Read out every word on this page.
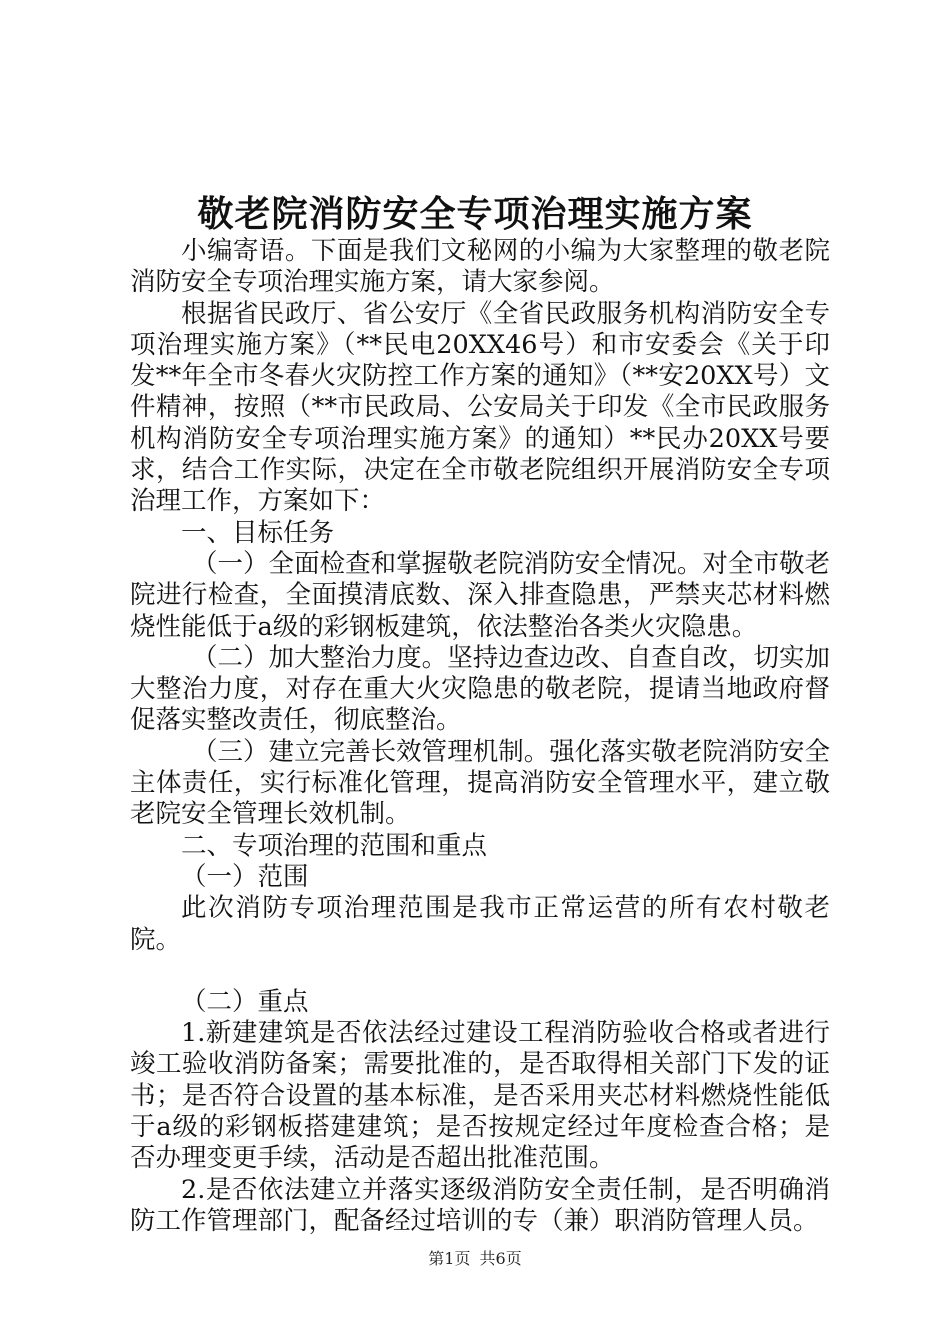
敬老院消防安全专项治理实施方案

小编寄语。下面是我们文秘网的小编为大家整理的敬老院消防安全专项治理实施方案，请大家参阅。

根据省民政厅、省公安厅《全省民政服务机构消防安全专项治理实施方案》（**民电20XX46号）和市安委会《关于印发**年全市冬春火灾防控工作方案的通知》（**安20XX号）文件精神，按照（**市民政局、公安局关于印发《全市民政服务机构消防安全专项治理实施方案》的通知）**民办20XX号要求，结合工作实际，决定在全市敬老院组织开展消防安全专项治理工作，方案如下：

一、目标任务

（一）全面检查和掌握敬老院消防安全情况。对全市敬老院进行检查，全面摸清底数、深入排查隐患，严禁夹芯材料燃烧性能低于a级的彩钢板建筑，依法整治各类火灾隐患。

（二）加大整治力度。坚持边查边改、自查自改，切实加大整治力度，对存在重大火灾隐患的敬老院，提请当地政府督促落实整改责任，彻底整治。

（三）建立完善长效管理机制。强化落实敬老院消防安全主体责任，实行标准化管理，提高消防安全管理水平，建立敬老院安全管理长效机制。

二、专项治理的范围和重点

（一）范围

此次消防专项治理范围是我市正常运营的所有农村敬老院。

（二）重点

1.新建建筑是否依法经过建设工程消防验收合格或者进行竣工验收消防备案；需要批准的，是否取得相关部门下发的证书；是否符合设置的基本标准，是否采用夹芯材料燃烧性能低于a级的彩钢板搭建建筑；是否按规定经过年度检查合格；是否办理变更手续，活动是否超出批准范围。

2.是否依法建立并落实逐级消防安全责任制，是否明确消防工作管理部门，配备经过培训的专（兼）职消防管理人员。

第1页 共6页
